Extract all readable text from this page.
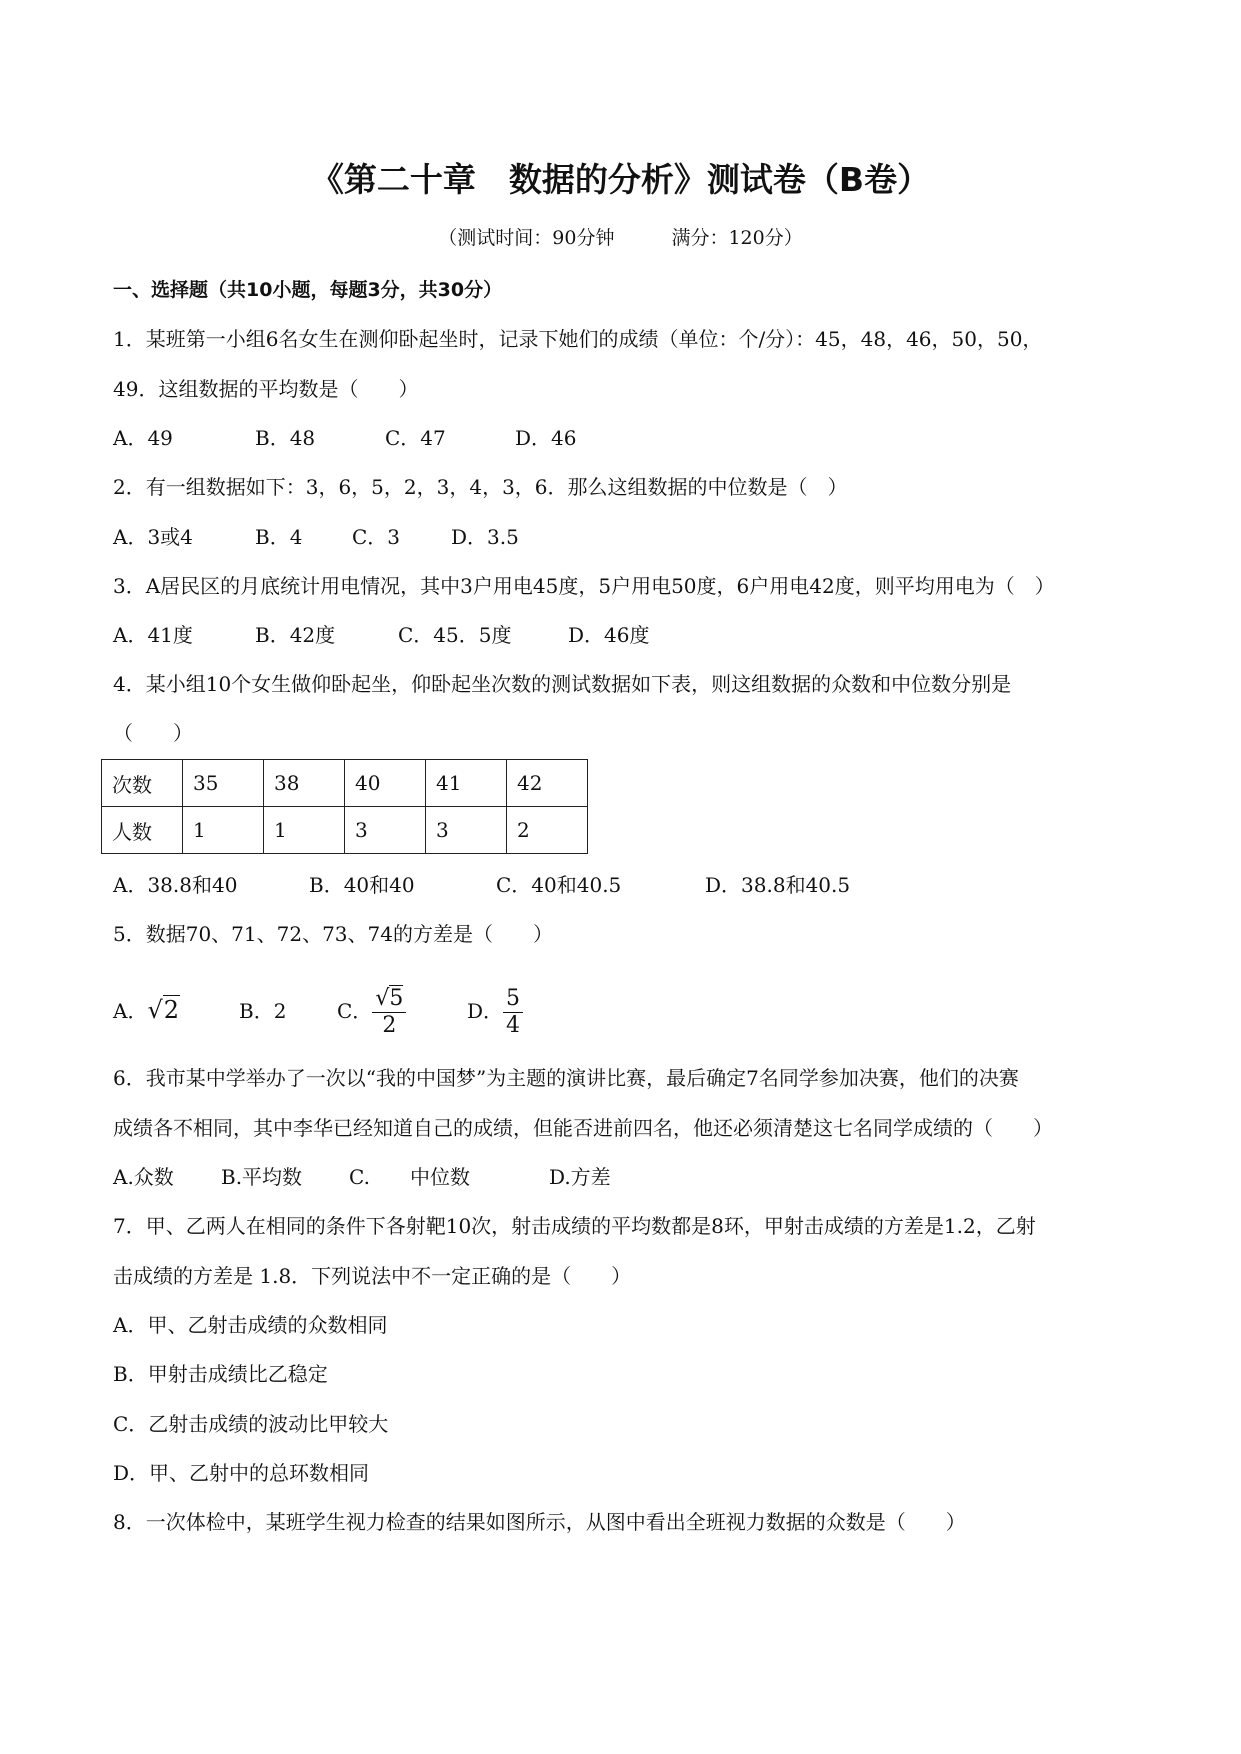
《第二十章　数据的分析》测试卷（B卷）
（测试时间：90分钟　　　满分：120分）
一、选择题（共10小题，每题3分，共30分）
1．某班第一小组6名女生在测仰卧起坐时，记录下她们的成绩（单位：个/分）：45，48，46，50，50，
49．这组数据的平均数是（　　）
A．49	B．48	C．47	D．46
2．有一组数据如下：3，6，5，2，3，4，3，6．那么这组数据的中位数是（　）
A．3或4	B．4 C．3	D．3.5
3．A居民区的月底统计用电情况，其中3户用电45度，5户用电50度，6户用电42度，则平均用电为（　）
A．41度	B．42度	C．45．5度	D．46度
4．某小组10个女生做仰卧起坐，仰卧起坐次数的测试数据如下表，则这组数据的众数和中位数分别是
（　　）
次数	35	38	40	41	42
人数	1	1	3	3	2
A．38.8和40	B．40和40	C．40和40.5	D．38.8和40.5
5．数据70、71、72、73、74的方差是（　　）
A．√2	B．2	C． $\frac{√5}{2}$	D． $\frac{5}{4}$
6．我市某中学举办了一次以“我的中国梦”为主题的演讲比赛，最后确定7名同学参加决赛，他们的决赛
成绩各不相同，其中李华已经知道自己的成绩，但能否进前四名，他还必须清楚这七名同学成绩的（　　）
A.众数 B.平均数 C.　　中位数	D.方差
7．甲、乙两人在相同的条件下各射靶10次，射击成绩的平均数都是8环，甲射击成绩的方差是1.2，乙射
击成绩的方差是 1.8．下列说法中不一定正确的是（　　）
A．甲、乙射击成绩的众数相同
B．甲射击成绩比乙稳定
C．乙射击成绩的波动比甲较大
D．甲、乙射中的总环数相同
8．一次体检中，某班学生视力检查的结果如图所示，从图中看出全班视力数据的众数是（　　）
